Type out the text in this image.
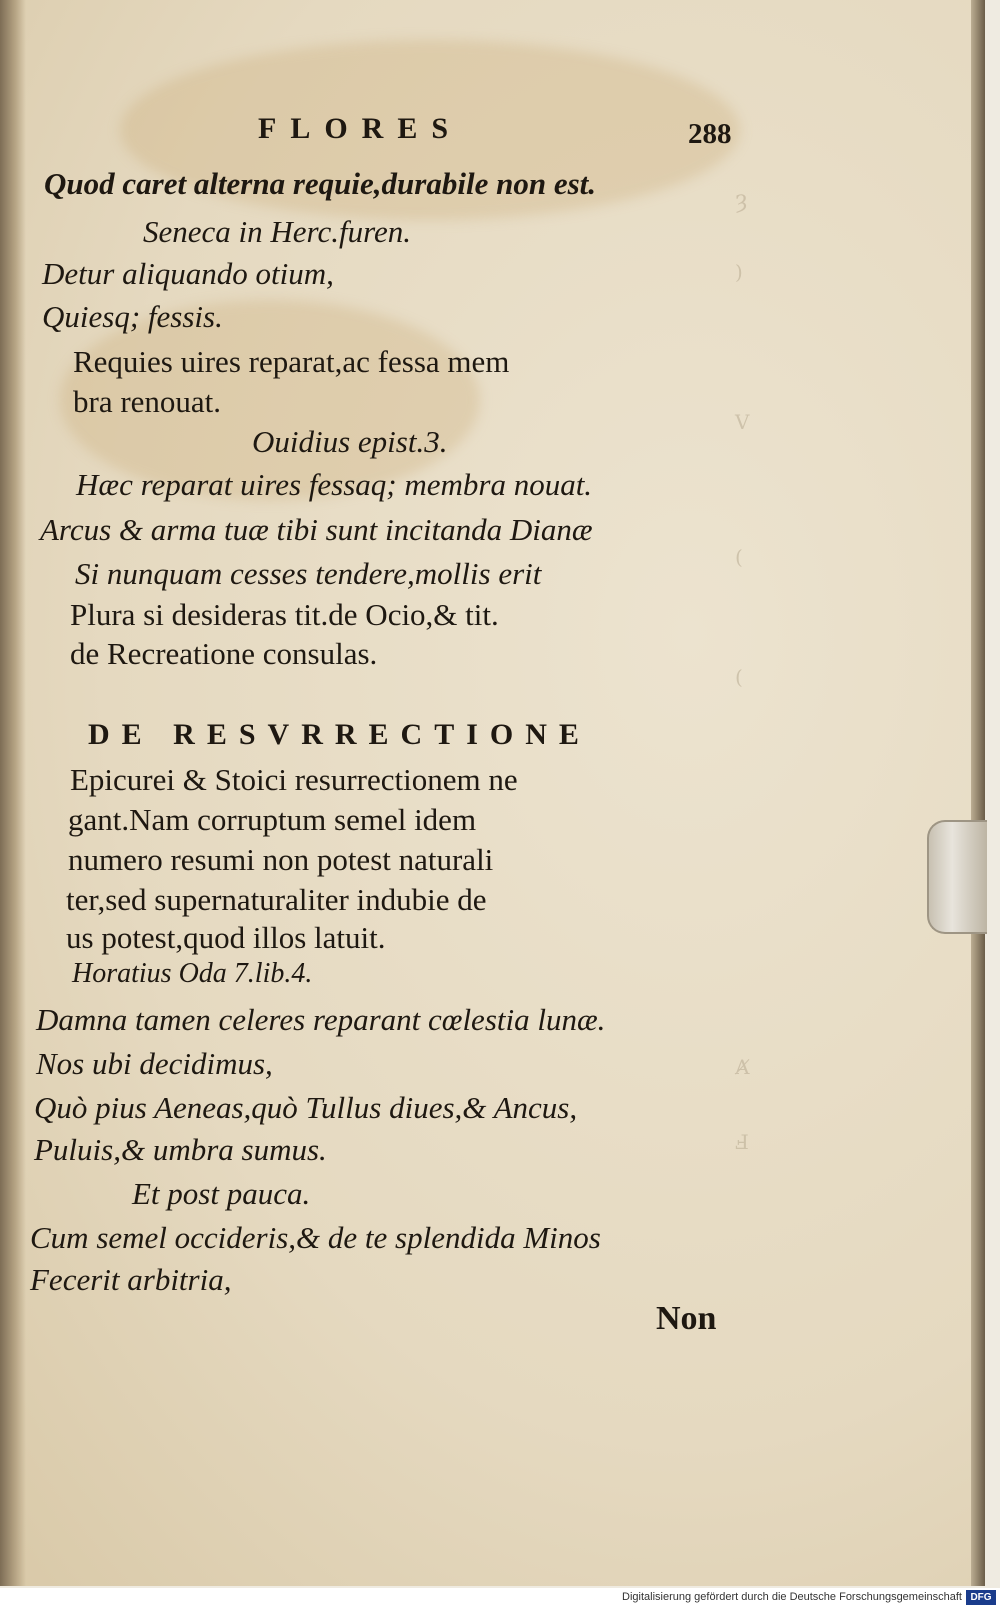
Ȝ
)
V
(
(
Ⱥ
Ⅎ
FLORES	288
Quod caret alterna requie,durabile non est.
Seneca in Herc.furen.
Detur aliquando otium,
Quiesq; fessis.
Requies uires reparat,ac fessa mem
bra renouat.
Ouidius epist.3.
Hæc reparat uires fessaq; membra nouat.
Arcus & arma tuæ tibi sunt incitanda Dianæ
Si nunquam cesses tendere,mollis erit
Plura si desideras tit.de Ocio,& tit.
de Recreatione consulas.
DE RESVRRECTIONE
Epicurei & Stoici resurrectionem ne
gant.Nam corruptum semel idem
numero resumi non potest naturali
ter,sed supernaturaliter indubie de
us potest,quod illos latuit.
Horatius Oda 7.lib.4.
Damna tamen celeres reparant cœlestia lunæ.
Nos ubi decidimus,
Quò pius Aeneas,quò Tullus diues,& Ancus,
Puluis,& umbra sumus.
Et post pauca.
Cum semel occideris,& de te splendida Minos
Fecerit arbitria,
Non
Digitalisierung gefördert durch die Deutsche Forschungsgemeinschaft DFG
